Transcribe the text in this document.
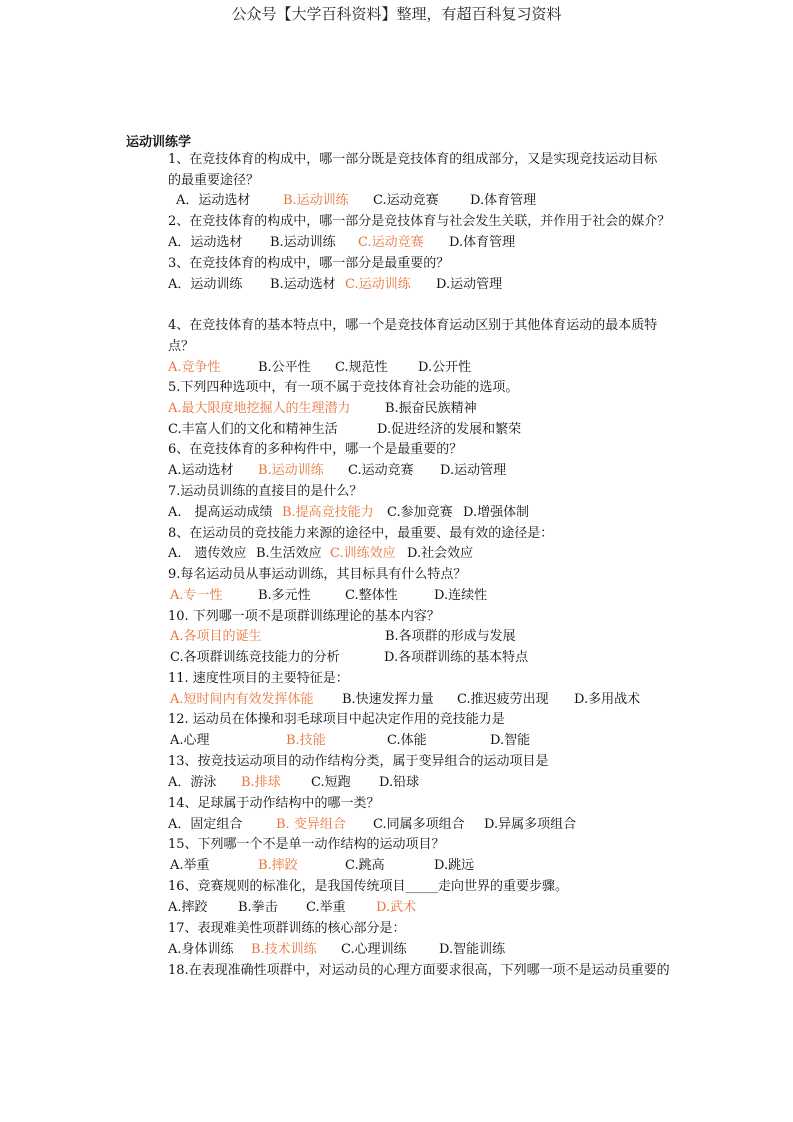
公众号【大学百科资料】整理，有超百科复习资料
运动训练学
1、在竞技体育的构成中，哪一部分既是竞技体育的组成部分，又是实现竞技运动目标
的最重要途径？
A．运动选材	B.运动训练 C.运动竞赛 D.体育管理
2、在竞技体育的构成中，哪一部分是竞技体育与社会发生关联，并作用于社会的媒介？
A．运动选材 B.运动训练 C.运动竞赛 D.体育管理
3、在竞技体育的构成中，哪一部分是最重要的？
A．运动训练 B.运动选材 C.运动训练 D.运动管理
4、在竞技体育的基本特点中，哪一个是竞技体育运动区别于其他体育运动的最本质特
点？
A.竞争性	B.公平性 C.规范性 D.公开性
5.下列四种选项中，有一项不属于竞技体育社会功能的选项。
A.最大限度地挖掘人的生理潜力	B.振奋民族精神
C.丰富人们的文化和精神生活	D.促进经济的发展和繁荣
6、在竞技体育的多种构件中，哪一个是最重要的？
A.运动选材 B.运动训练 C.运动竞赛 D.运动管理
7.运动员训练的直接目的是什么？
A.　提高运动成绩 B.提高竞技能力 C.参加竞赛 D.增强体制
8、在运动员的竞技能力来源的途径中，最重要、最有效的途径是：
A.　遗传效应 B.生活效应 C.训练效应 D.社会效应
9.每名运动员从事运动训练，其目标具有什么特点？
A.专一性	B.多元性	C.整体性	D.连续性
10. 下列哪一项不是项群训练理论的基本内容？
A.各项目的诞生	B.各项群的形成与发展
C.各项群训练竞技能力的分析	D.各项群训练的基本特点
11. 速度性项目的主要特征是：
A.短时间内有效发挥体能 B.快速发挥力量 C.推迟疲劳出现 D.多用战术
12. 运动员在体操和羽毛球项目中起决定作用的竞技能力是
A.心理	B.技能	C.体能	D.智能
13、按竞技运动项目的动作结构分类，属于变异组合的运动项目是
A．游泳 B.排球 C.短跑 D.铅球
14、足球属于动作结构中的哪一类？
A．固定组合	B. 变异组合 C.同属多项组合 D.异属多项组合
15、下列哪一个不是单一动作结构的运动项目？
A.举重	B.摔跤	C.跳高	D.跳远
16、竞赛规则的标准化，是我国传统项目_____走向世界的重要步骤。
A.摔跤 B.拳击 C.举重 D.武术
17、表现难美性项群训练的核心部分是：
A.身体训练 B.技术训练 C.心理训练 D.智能训练
18.在表现准确性项群中，对运动员的心理方面要求很高，下列哪一项不是运动员重要的
